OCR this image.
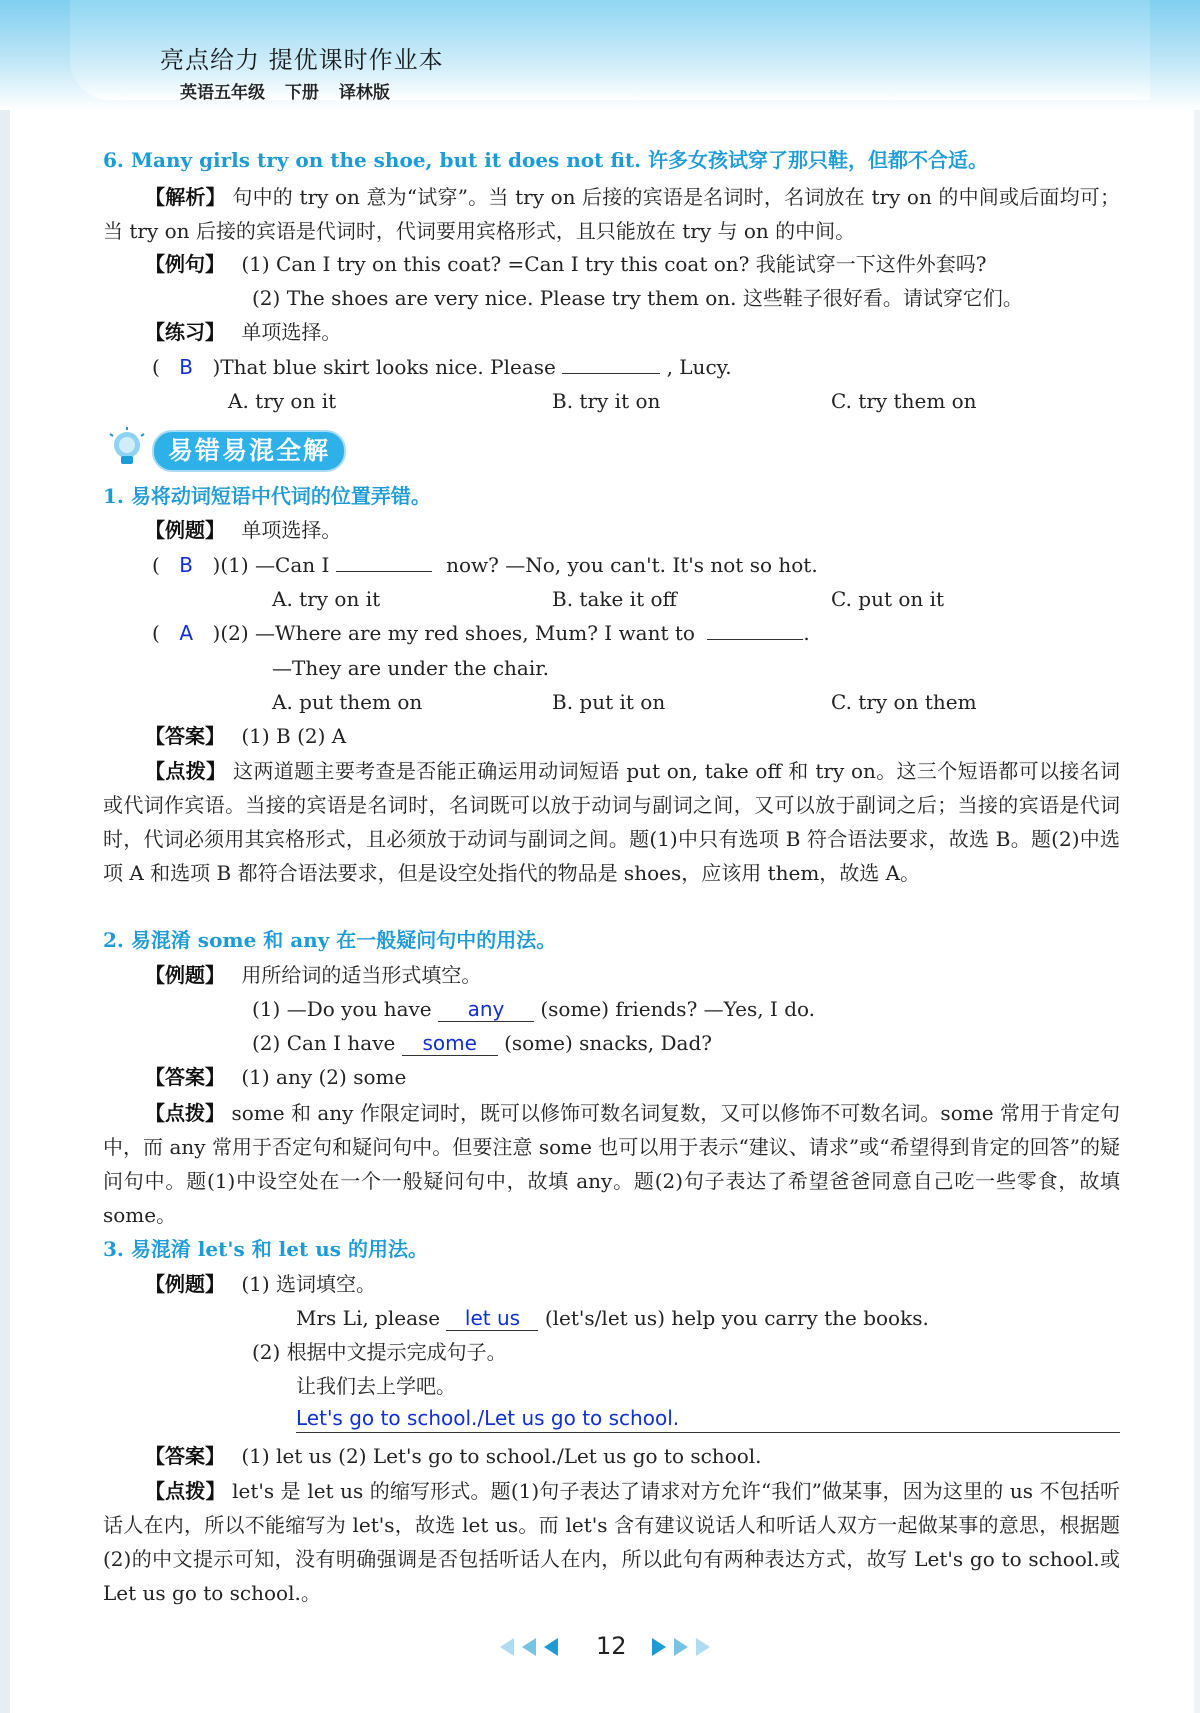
亮点给力 提优课时作业本
英语五年级 下册 译林版
6. Many girls try on the shoe, but it does not fit. 许多女孩试穿了那只鞋，但都不合适。
【解析】 句中的 try on 意为“试穿”。当 try on 后接的宾语是名词时，名词放在 try on 的中间或后面均可；当 try on 后接的宾语是代词时，代词要用宾格形式，且只能放在 try 与 on 的中间。
【例句】 (1) Can I try on this coat? =Can I try this coat on? 我能试穿一下这件外套吗?
(2) The shoes are very nice. Please try them on. 这些鞋子很好看。请试穿它们。
【练习】 单项选择。
( B )That blue skirt looks nice. Please	, Lucy.
A. try on it	B. try it on	C. try them on
易错易混全解
1. 易将动词短语中代词的位置弄错。
【例题】 单项选择。
( B )(1) —Can I	now? —No, you can't. It's not so hot.
A. try on it	B. take it off	C. put on it
( A )(2) —Where are my red shoes, Mum? I want to	.
—They are under the chair.
A. put them on	B. put it on	C. try on them
【答案】 (1) B (2) A
【点拨】 这两道题主要考查是否能正确运用动词短语 put on, take off 和 try on。这三个短语都可以接名词或代词作宾语。当接的宾语是名词时，名词既可以放于动词与副词之间，又可以放于副词之后；当接的宾语是代词时，代词必须用其宾格形式，且必须放于动词与副词之间。题(1)中只有选项 B 符合语法要求，故选 B。题(2)中选项 A 和选项 B 都符合语法要求，但是设空处指代的物品是 shoes，应该用 them，故选 A。
2. 易混淆 some 和 any 在一般疑问句中的用法。
【例题】 用所给词的适当形式填空。
(1) —Do you have any (some) friends? —Yes, I do.
(2) Can I have some (some) snacks, Dad?
【答案】 (1) any (2) some
【点拨】 some 和 any 作限定词时，既可以修饰可数名词复数，又可以修饰不可数名词。some 常用于肯定句中，而 any 常用于否定句和疑问句中。但要注意 some 也可以用于表示“建议、请求”或“希望得到肯定的回答”的疑问句中。题(1)中设空处在一个一般疑问句中，故填 any。题(2)句子表达了希望爸爸同意自己吃一些零食，故填 some。
3. 易混淆 let's 和 let us 的用法。
【例题】 (1) 选词填空。
Mrs Li, please let us (let's/let us) help you carry the books.
(2) 根据中文提示完成句子。
让我们去上学吧。
Let's go to school./Let us go to school.
【答案】 (1) let us (2) Let's go to school./Let us go to school.
【点拨】 let's 是 let us 的缩写形式。题(1)句子表达了请求对方允许“我们”做某事，因为这里的 us 不包括听话人在内，所以不能缩写为 let's，故选 let us。而 let's 含有建议说话人和听话人双方一起做某事的意思，根据题(2)的中文提示可知，没有明确强调是否包括听话人在内，所以此句有两种表达方式，故写 Let's go to school.或 Let us go to school.。
12
